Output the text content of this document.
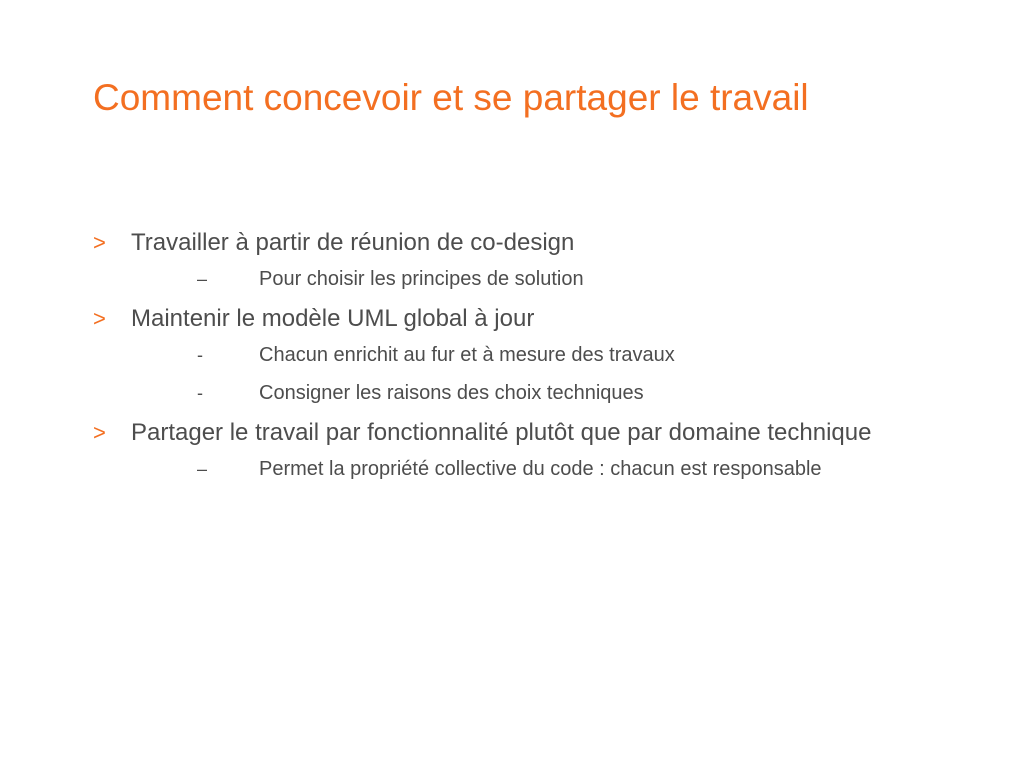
Comment concevoir et se partager le travail
> Travailler à partir de réunion de co-design
–	Pour choisir les principes de solution
> Maintenir le modèle UML global à jour
-	Chacun enrichit au fur et à mesure des travaux
-	Consigner les raisons des choix techniques
> Partager le travail par fonctionnalité plutôt que par domaine technique
–	Permet la propriété collective du code : chacun est responsable
